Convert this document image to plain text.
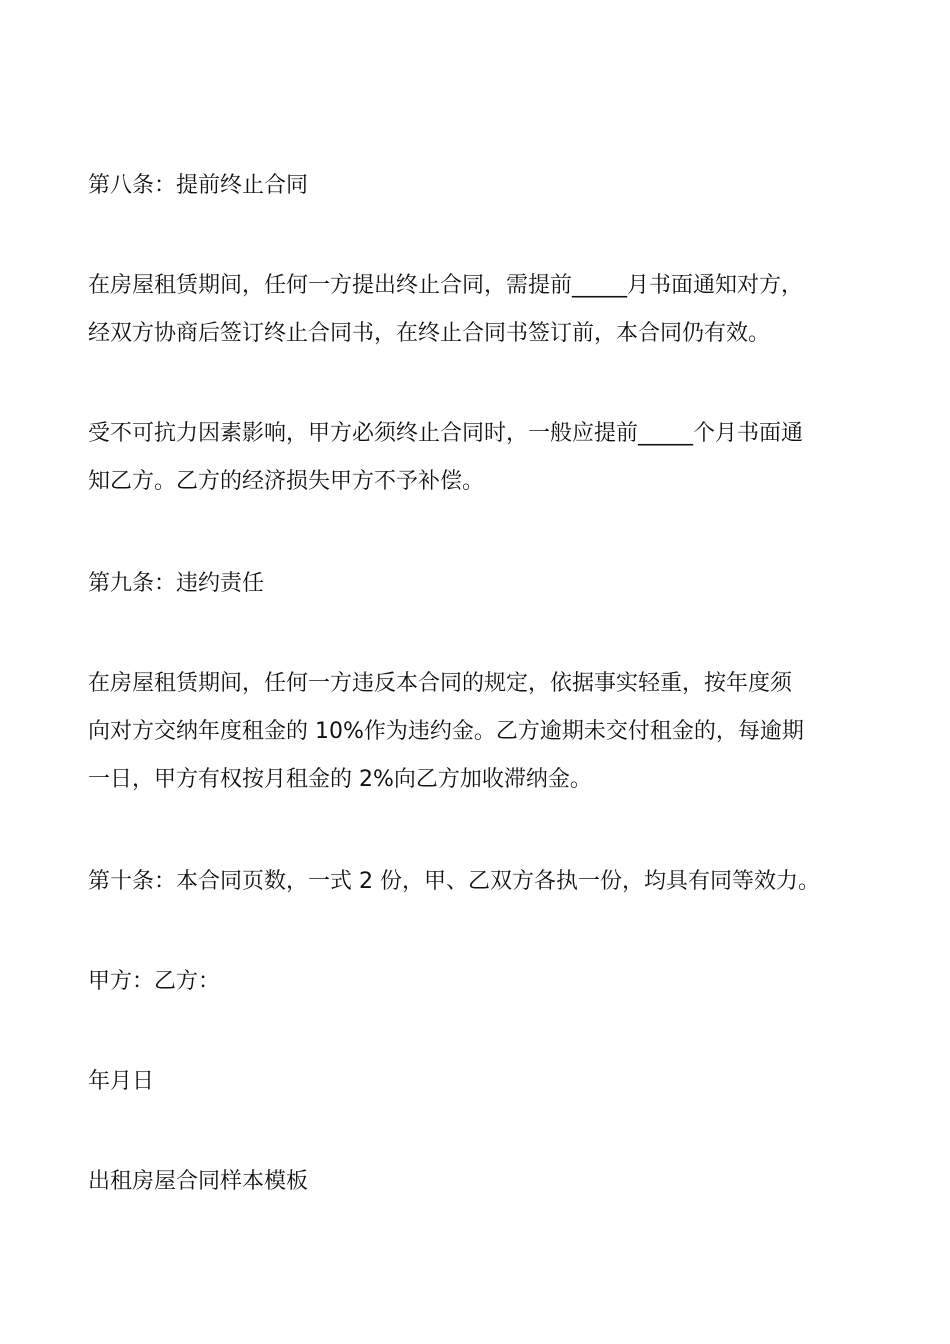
第八条：提前终止合同

在房屋租赁期间，任何一方提出终止合同，需提前_____月书面通知对方，
经双方协商后签订终止合同书，在终止合同书签订前，本合同仍有效。

受不可抗力因素影响，甲方必须终止合同时，一般应提前_____个月书面通
知乙方。乙方的经济损失甲方不予补偿。

第九条：违约责任

在房屋租赁期间，任何一方违反本合同的规定，依据事实轻重，按年度须
向对方交纳年度租金的 10%作为违约金。乙方逾期未交付租金的，每逾期
一日，甲方有权按月租金的 2%向乙方加收滞纳金。

第十条：本合同页数，一式 2 份，甲、乙双方各执一份，均具有同等效力。

甲方：乙方：

年月日

出租房屋合同样本模板
